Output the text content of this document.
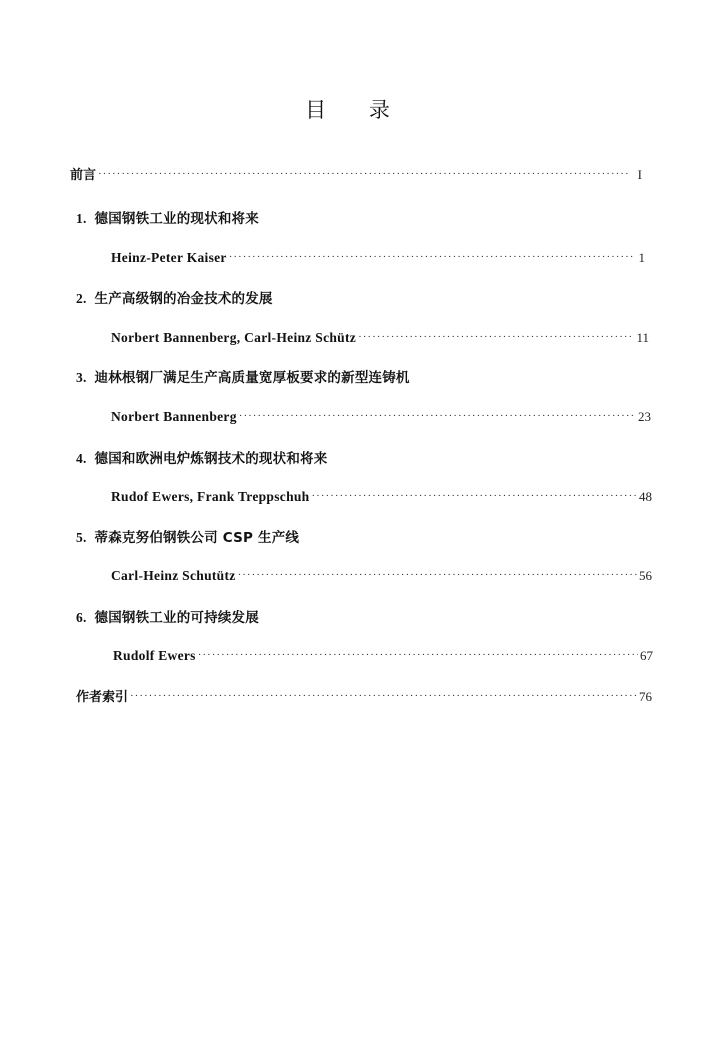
目 录
前言 ·····	I
1. 德国钢铁工业的现状和将来
Heinz-Peter Kaiser ·····	1
2. 生产高级钢的冶金技术的发展
Norbert Bannenberg, Carl-Heinz Schütz ·····	11
3. 迪林根钢厂满足生产高质量宽厚板要求的新型连铸机
Norbert Bannenberg ·····	23
4. 德国和欧洲电炉炼钢技术的现状和将来
Rudof Ewers, Frank Treppschuh ·····	48
5. 蒂森克努伯钢铁公司 CSP 生产线
Carl-Heinz Schutütz ·····	56
6. 德国钢铁工业的可持续发展
Rudolf Ewers ·····	67
作者索引 ·····	76
